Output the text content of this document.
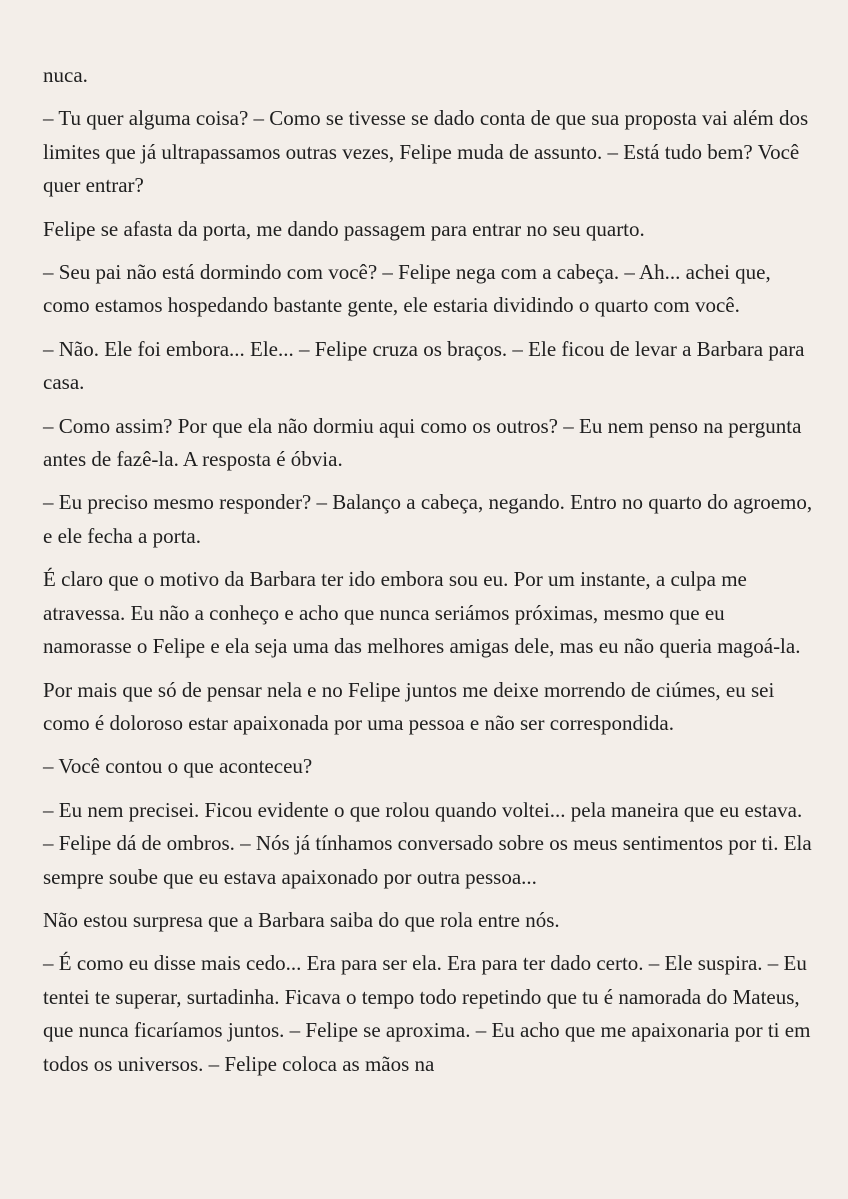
nuca.

– Tu quer alguma coisa? – Como se tivesse se dado conta de que sua proposta vai além dos limites que já ultrapassamos outras vezes, Felipe muda de assunto. – Está tudo bem? Você quer entrar?

Felipe se afasta da porta, me dando passagem para entrar no seu quarto.

– Seu pai não está dormindo com você? – Felipe nega com a cabeça. – Ah... achei que, como estamos hospedando bastante gente, ele estaria dividindo o quarto com você.

– Não. Ele foi embora... Ele... – Felipe cruza os braços. – Ele ficou de levar a Barbara para casa.

– Como assim? Por que ela não dormiu aqui como os outros? – Eu nem penso na pergunta antes de fazê-la. A resposta é óbvia.

– Eu preciso mesmo responder? – Balanço a cabeça, negando. Entro no quarto do agroemo, e ele fecha a porta.

É claro que o motivo da Barbara ter ido embora sou eu. Por um instante, a culpa me atravessa. Eu não a conheço e acho que nunca seriámos próximas, mesmo que eu namorasse o Felipe e ela seja uma das melhores amigas dele, mas eu não queria magoá-la.

Por mais que só de pensar nela e no Felipe juntos me deixe morrendo de ciúmes, eu sei como é doloroso estar apaixonada por uma pessoa e não ser correspondida.

– Você contou o que aconteceu?

– Eu nem precisei. Ficou evidente o que rolou quando voltei... pela maneira que eu estava. – Felipe dá de ombros. – Nós já tínhamos conversado sobre os meus sentimentos por ti. Ela sempre soube que eu estava apaixonado por outra pessoa...

Não estou surpresa que a Barbara saiba do que rola entre nós.

– É como eu disse mais cedo... Era para ser ela. Era para ter dado certo. – Ele suspira. – Eu tentei te superar, surtadinha. Ficava o tempo todo repetindo que tu é namorada do Mateus, que nunca ficaríamos juntos. – Felipe se aproxima. – Eu acho que me apaixonaria por ti em todos os universos. – Felipe coloca as mãos na
